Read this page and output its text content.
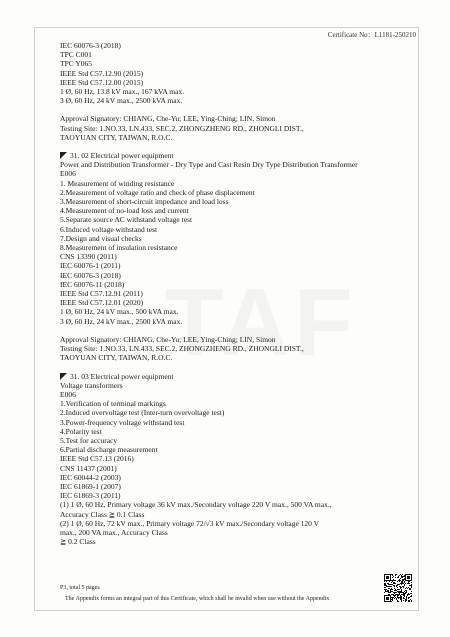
Certificate No：L1181-250210
IEC 60076-3 (2018)
TPC C001
TPC Y065
IEEE Std C57.12.90 (2015)
IEEE Std C57.12.00 (2015)
1 Ø, 60 Hz, 13.8 kV max., 167 kVA max.
3 Ø, 60 Hz, 24 kV max., 2500 kVA max.
Approval Signatory: CHIANG, Che-Yu; LEE, Ying-Ching; LIN, Simon
Testing Site: 1.NO.33, LN.433, SEC.2, ZHONGZHENG RD., ZHONGLI DIST.,
TAOYUAN CITY, TAIWAN, R.O.C.
31. 02 Electrical power equipment
Power and Distribution Transformer - Dry Type and Cast Resin Dry Type Distribution Transformer
E006
1. Measurement of winding resistance
2.Measurement of voltage ratio and check of phase displacement
3.Measurement of short-circuit impedance and load loss
4.Measurement of no-load loss and current
5.Separate source AC withstand voltage test
6.Induced voltage withstand test
7.Design and visual checks
8.Measurement of insulation resistance
CNS 13390 (2011)
IEC 60076-1 (2011)
IEC 60076-3 (2018)
IEC 60076-11 (2018)
IEEE Std C57.12.91 (2011)
IEEE Std C57.12.01 (2020)
1 Ø, 60 Hz, 24 kV max., 500 kVA max.
3 Ø, 60 Hz, 24 kV max., 2500 kVA max.
Approval Signatory: CHIANG, Che-Yu; LEE, Ying-Ching; LIN, Simon
Testing Site: 1.NO.33, LN.433, SEC.2, ZHONGZHENG RD., ZHONGLI DIST.,
TAOYUAN CITY, TAIWAN, R.O.C.
31. 03 Electrical power equipment
Voltage transformers
E006
1.Verification of terminal markings
2.Induced overvoltage test (Inter-turn overvoltage test)
3.Power-frequency voltage withstand test
4.Polarity test
5.Test for accuracy
6.Partial discharge measurement
IEEE Std C57.13 (2016)
CNS 11437 (2001)
IEC 60044-2 (2003)
IEC 61869-1 (2007)
IEC 61869-3 (2011)
(1) 1 Ø, 60 Hz, Primary voltage 36 kV max./Secondary voltage 220 V max., 500 VA max.,
Accuracy Class ≧ 0.1 Class
(2) 1 Ø, 60 Hz, 72 kV max., Primary voltage 72/√3 kV max./Secondary voltage 120 V
max., 200 VA max., Accuracy Class
≧ 0.2 Class
P3, total 5 pages
The Appendix forms an integral part of this Certificate, which shall be invalid when use without the Appendix
